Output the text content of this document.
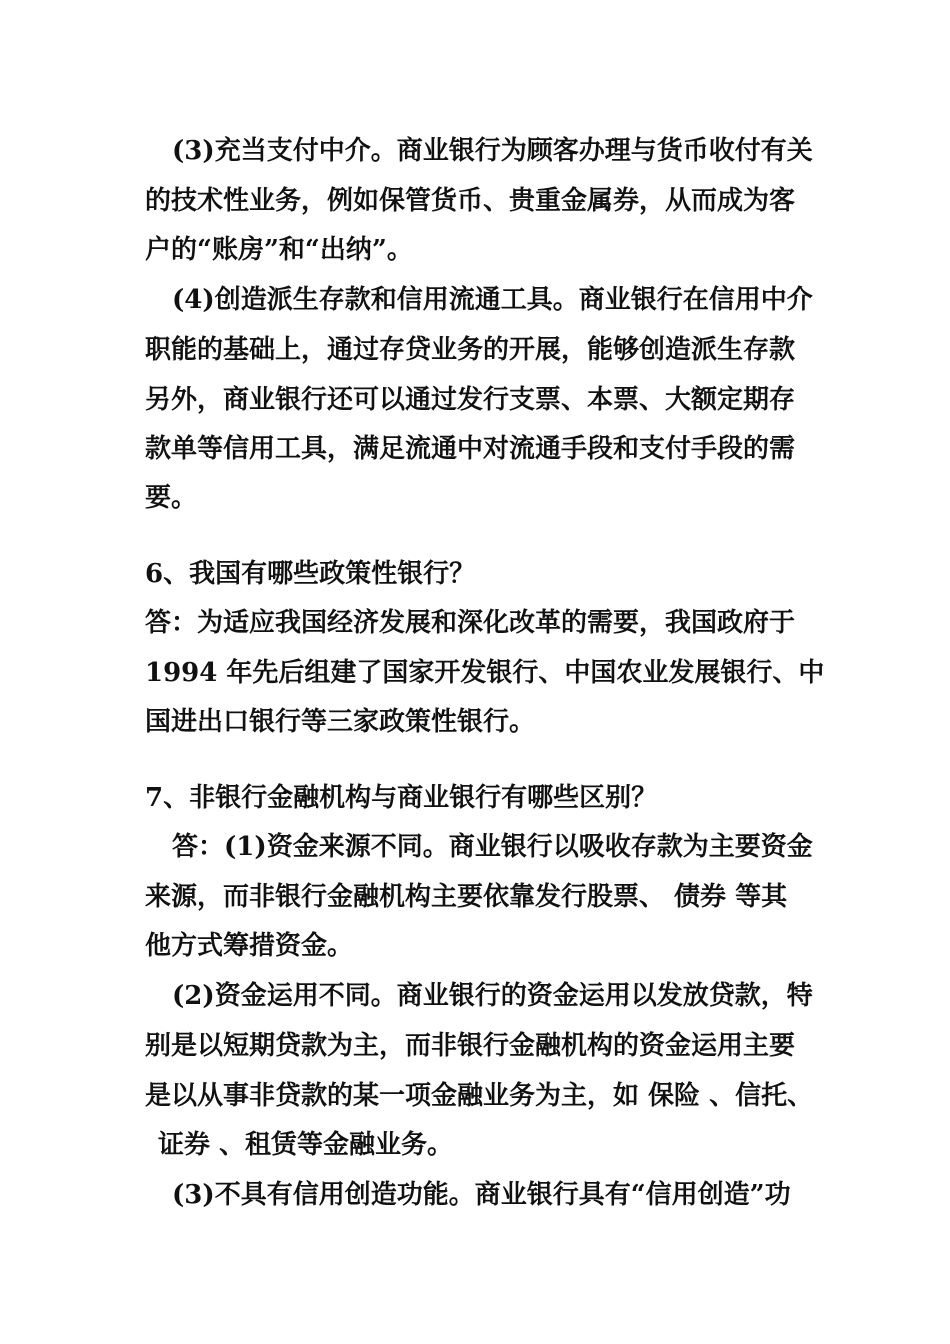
(3)充当支付中介。商业银行为顾客办理与货币收付有关

的技术性业务，例如保管货币、贵重金属券，从而成为客

户的“账房”和“出纳”。

(4)创造派生存款和信用流通工具。商业银行在信用中介

职能的基础上，通过存贷业务的开展，能够创造派生存款

另外，商业银行还可以通过发行支票、本票、大额定期存

款单等信用工具，满足流通中对流通手段和支付手段的需

要。

6、我国有哪些政策性银行？

答：为适应我国经济发展和深化改革的需要，我国政府于

1994 年先后组建了国家开发银行、中国农业发展银行、中

国进出口银行等三家政策性银行。

7、非银行金融机构与商业银行有哪些区别？

答：(1)资金来源不同。商业银行以吸收存款为主要资金

来源，而非银行金融机构主要依靠发行股票、 债券 等其

他方式筹措资金。

(2)资金运用不同。商业银行的资金运用以发放贷款，特

别是以短期贷款为主，而非银行金融机构的资金运用主要

是以从事非贷款的某一项金融业务为主，如 保险 、信托、

证券 、租赁等金融业务。

(3)不具有信用创造功能。商业银行具有“信用创造”功
